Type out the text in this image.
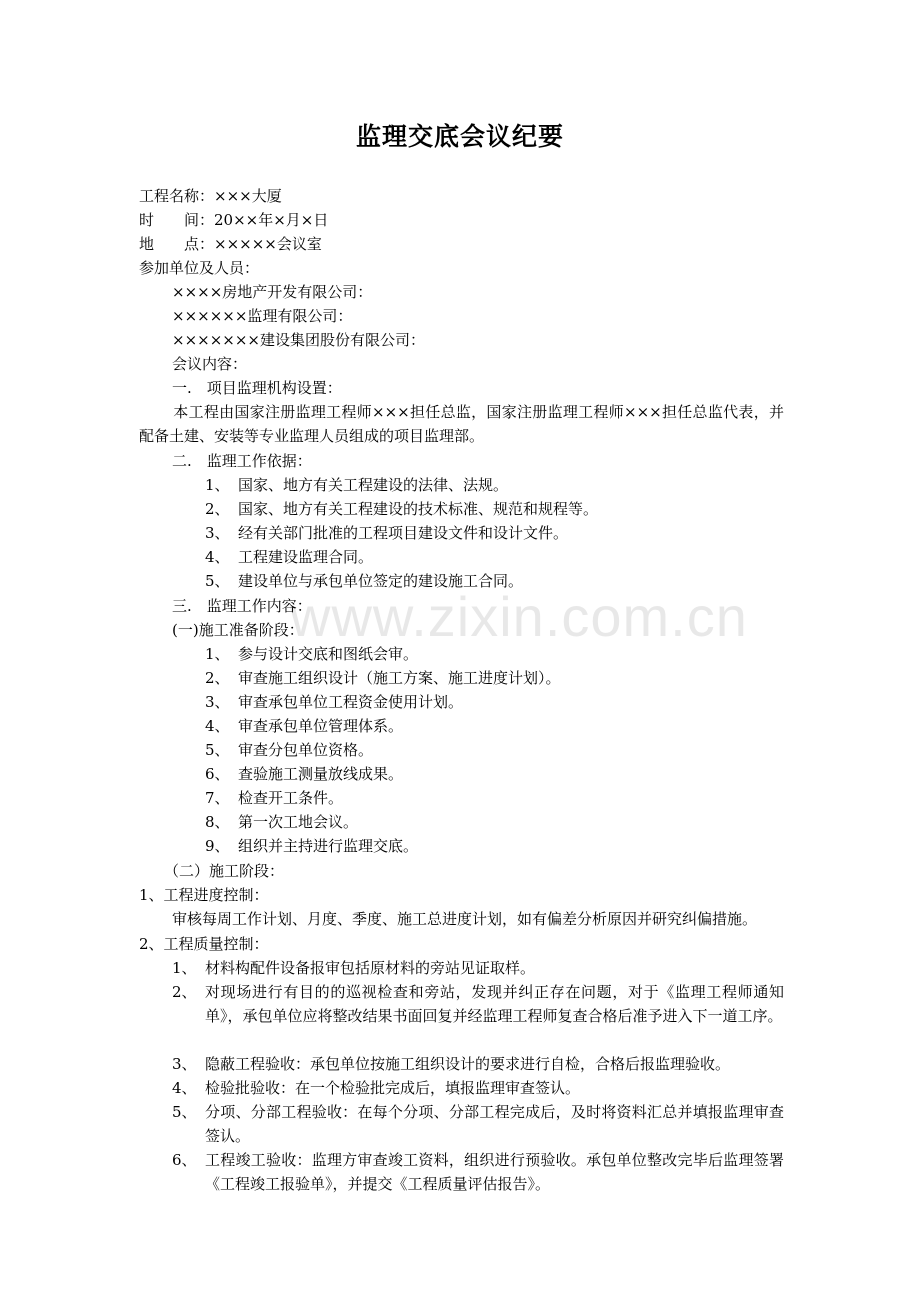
监理交底会议纪要
工程名称：×××大厦
时　　间：20××年×月×日
地　　点：×××××会议室
参加单位及人员：
××××房地产开发有限公司：
××××××监理有限公司：
×××××××建设集团股份有限公司：
会议内容：
一.　项目监理机构设置：
本工程由国家注册监理工程师×××担任总监，国家注册监理工程师×××担任总监代表，并配备土建、安装等专业监理人员组成的项目监理部。
二.　监理工作依据：
1、 国家、地方有关工程建设的法律、法规。
2、 国家、地方有关工程建设的技术标准、规范和规程等。
3、 经有关部门批准的工程项目建设文件和设计文件。
4、 工程建设监理合同。
5、 建设单位与承包单位签定的建设施工合同。
三.　监理工作内容：
(一)施工准备阶段：
1、 参与设计交底和图纸会审。
2、 审查施工组织设计（施工方案、施工进度计划）。
3、 审查承包单位工程资金使用计划。
4、 审查承包单位管理体系。
5、 审查分包单位资格。
6、 查验施工测量放线成果。
7、 检查开工条件。
8、 第一次工地会议。
9、 组织并主持进行监理交底。
（二）施工阶段：
1、工程进度控制：
审核每周工作计划、月度、季度、施工总进度计划，如有偏差分析原因并研究纠偏措施。
2、工程质量控制：
1、 材料构配件设备报审包括原材料的旁站见证取样。
2、 对现场进行有目的的巡视检查和旁站，发现并纠正存在问题，对于《监理工程师通知单》，承包单位应将整改结果书面回复并经监理工程师复查合格后准予进入下一道工序。
3、 隐蔽工程验收：承包单位按施工组织设计的要求进行自检，合格后报监理验收。
4、 检验批验收：在一个检验批完成后，填报监理审查签认。
5、 分项、分部工程验收：在每个分项、分部工程完成后，及时将资料汇总并填报监理审查签认。
6、 工程竣工验收：监理方审查竣工资料，组织进行预验收。承包单位整改完毕后监理签署《工程竣工报验单》，并提交《工程质量评估报告》。
www.zixin.com.cn
